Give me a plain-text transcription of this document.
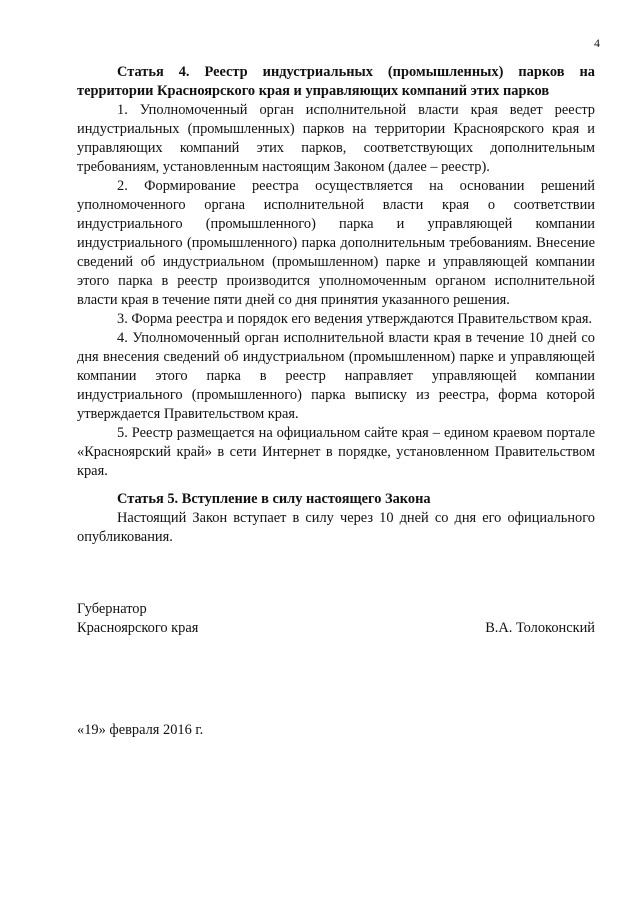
4

Статья 4. Реестр индустриальных (промышленных) парков на
территории Красноярского края и управляющих компаний этих парков

1. Уполномоченный орган исполнительной власти края ведет реестр индустриальных (промышленных) парков на территории Красноярского края и управляющих компаний этих парков, соответствующих дополнительным требованиям, установленным настоящим Законом (далее – реестр).

2. Формирование реестра осуществляется на основании решений уполномоченного органа исполнительной власти края о соответствии индустриального (промышленного) парка и управляющей компании индустриального (промышленного) парка дополнительным требованиям. Внесение сведений об индустриальном (промышленном) парке и управляющей компании этого парка в реестр производится уполномоченным органом исполнительной власти края в течение пяти дней со дня принятия указанного решения.

3. Форма реестра и порядок его ведения утверждаются Правительством края.

4. Уполномоченный орган исполнительной власти края в течение 10 дней со дня внесения сведений об индустриальном (промышленном) парке и управляющей компании этого парка в реестр направляет управляющей компании индустриального (промышленного) парка выписку из реестра, форма которой утверждается Правительством края.

5. Реестр размещается на официальном сайте края – едином краевом портале «Красноярский край» в сети Интернет в порядке, установленном Правительством края.

Статья 5. Вступление в силу настоящего Закона

Настоящий Закон вступает в силу через 10 дней со дня его официального опубликования.

Губернатор
Красноярского края	В.А. Толоконский
«19» февраля 2016 г.
